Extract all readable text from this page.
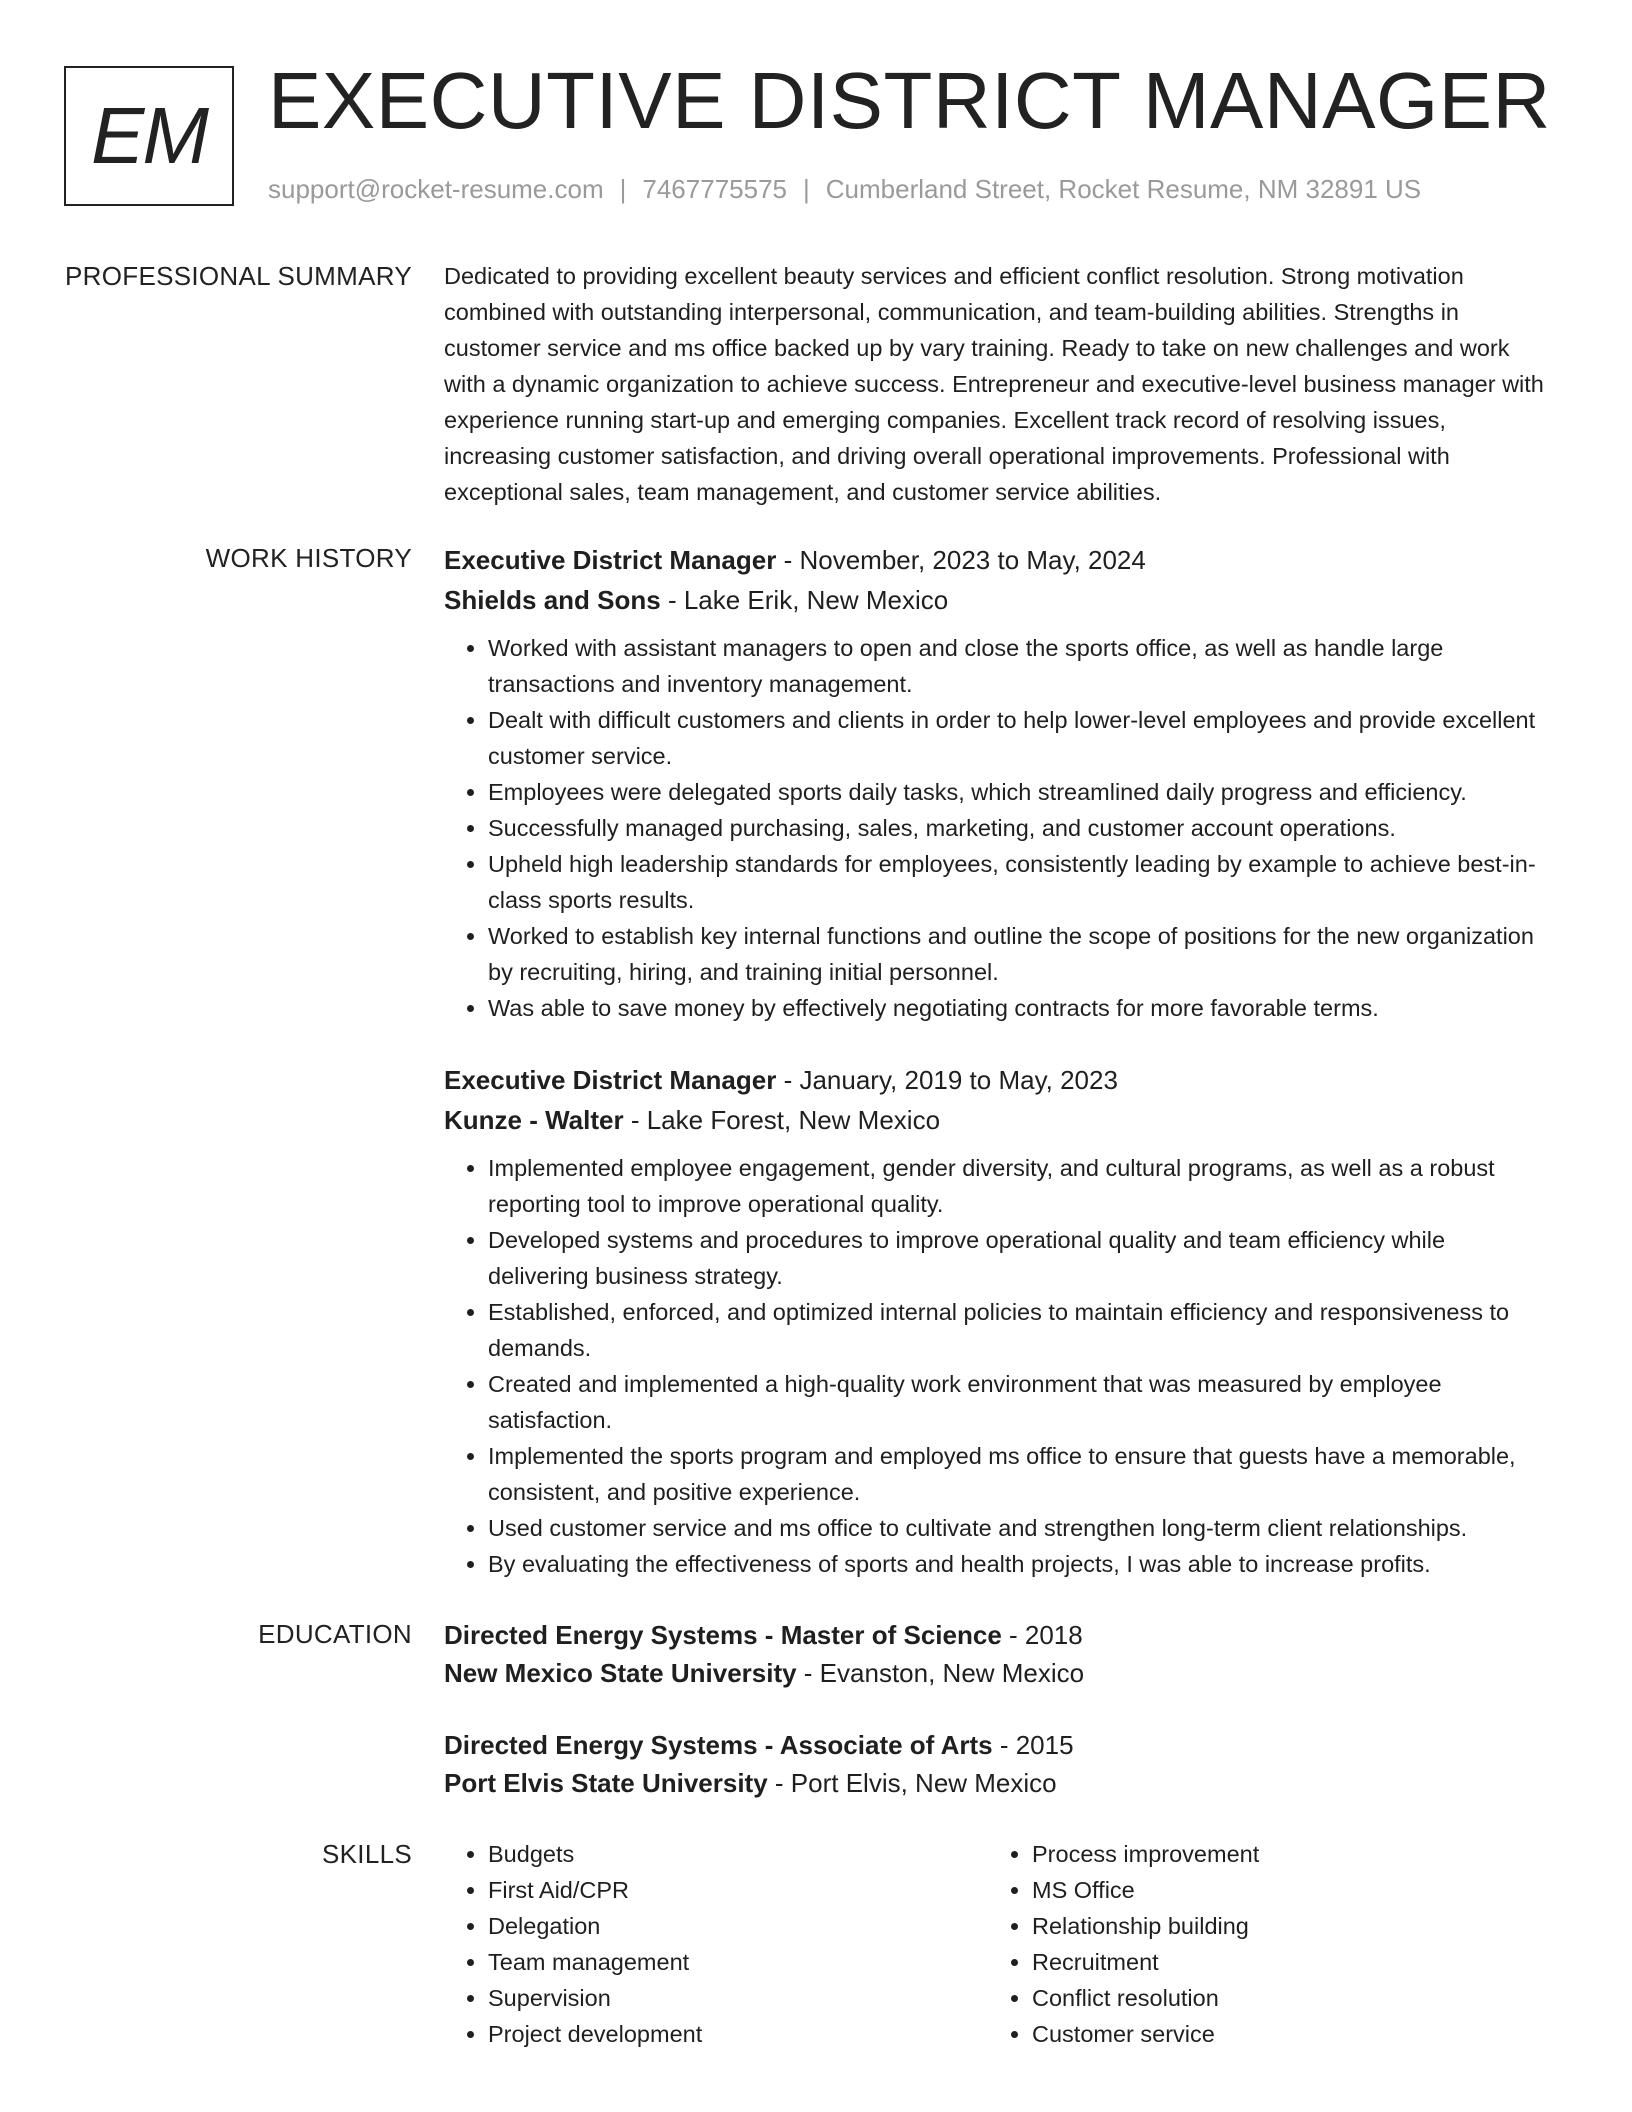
EM EXECUTIVE DISTRICT MANAGER
support@rocket-resume.com | 7467775575 | Cumberland Street, Rocket Resume, NM 32891 US
PROFESSIONAL SUMMARY Dedicated to providing excellent beauty services and efficient conflict resolution. Strong motivation combined with outstanding interpersonal, communication, and team-building abilities. Strengths in customer service and ms office backed up by vary training. Ready to take on new challenges and work with a dynamic organization to achieve success. Entrepreneur and executive-level business manager with experience running start-up and emerging companies. Excellent track record of resolving issues, increasing customer satisfaction, and driving overall operational improvements. Professional with exceptional sales, team management, and customer service abilities.

WORK HISTORY Executive District Manager - November, 2023 to May, 2024
Shields and Sons - Lake Erik, New Mexico
• Worked with assistant managers to open and close the sports office, as well as handle large transactions and inventory management.
• Dealt with difficult customers and clients in order to help lower-level employees and provide excellent customer service.
• Employees were delegated sports daily tasks, which streamlined daily progress and efficiency.
• Successfully managed purchasing, sales, marketing, and customer account operations.
• Upheld high leadership standards for employees, consistently leading by example to achieve best-in-class sports results.
• Worked to establish key internal functions and outline the scope of positions for the new organization by recruiting, hiring, and training initial personnel.
• Was able to save money by effectively negotiating contracts for more favorable terms.
Executive District Manager - January, 2019 to May, 2023
Kunze - Walter - Lake Forest, New Mexico
• Implemented employee engagement, gender diversity, and cultural programs, as well as a robust reporting tool to improve operational quality.
• Developed systems and procedures to improve operational quality and team efficiency while delivering business strategy.
• Established, enforced, and optimized internal policies to maintain efficiency and responsiveness to demands.
• Created and implemented a high-quality work environment that was measured by employee satisfaction.
• Implemented the sports program and employed ms office to ensure that guests have a memorable, consistent, and positive experience.
• Used customer service and ms office to cultivate and strengthen long-term client relationships.
• By evaluating the effectiveness of sports and health projects, I was able to increase profits.
EDUCATION Directed Energy Systems - Master of Science - 2018
New Mexico State University - Evanston, New Mexico
Directed Energy Systems - Associate of Arts - 2015
Port Elvis State University - Port Elvis, New Mexico
SKILLS
•	Budgets
• First Aid/CPR
• Delegation
• Team management
• Supervision
• Project development
• Process improvement
• MS Office
• Relationship building
• Recruitment
• Conflict resolution
• Customer service
